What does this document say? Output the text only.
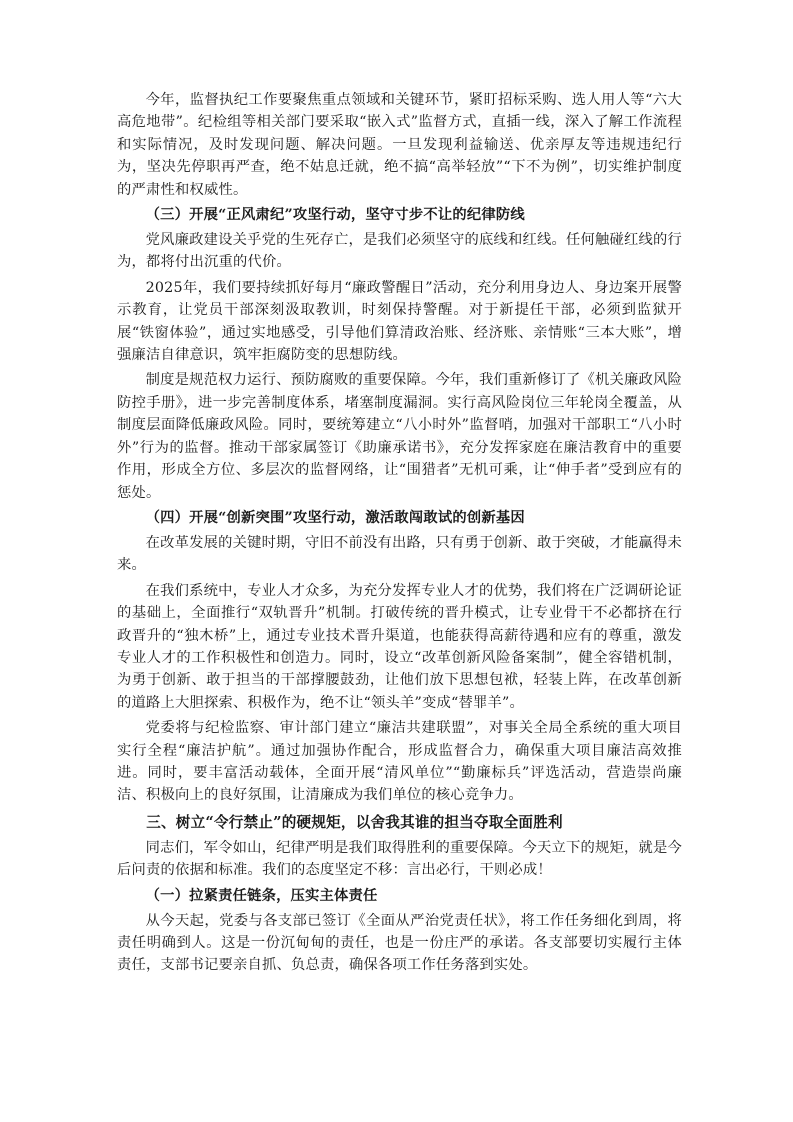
今年，监督执纪工作要聚焦重点领域和关键环节，紧盯招标采购、选人用人等“六大高危地带”。纪检组等相关部门要采取“嵌入式”监督方式，直插一线，深入了解工作流程和实际情况，及时发现问题、解决问题。一旦发现利益输送、优亲厚友等违规违纪行为，坚决先停职再严查，绝不姑息迁就，绝不搞“高举轻放”“下不为例”，切实维护制度的严肃性和权威性。

（三）开展“正风肃纪”攻坚行动，坚守寸步不让的纪律防线

党风廉政建设关乎党的生死存亡，是我们必须坚守的底线和红线。任何触碰红线的行为，都将付出沉重的代价。

2025年，我们要持续抓好每月“廉政警醒日”活动，充分利用身边人、身边案开展警示教育，让党员干部深刻汲取教训，时刻保持警醒。对于新提任干部，必须到监狱开展“铁窗体验”，通过实地感受，引导他们算清政治账、经济账、亲情账“三本大账”，增强廉洁自律意识，筑牢拒腐防变的思想防线。

制度是规范权力运行、预防腐败的重要保障。今年，我们重新修订了《机关廉政风险防控手册》，进一步完善制度体系，堵塞制度漏洞。实行高风险岗位三年轮岗全覆盖，从制度层面降低廉政风险。同时，要统筹建立“八小时外”监督哨，加强对干部职工“八小时外”行为的监督。推动干部家属签订《助廉承诺书》，充分发挥家庭在廉洁教育中的重要作用，形成全方位、多层次的监督网络，让“围猎者”无机可乘，让“伸手者”受到应有的惩处。

（四）开展“创新突围”攻坚行动，激活敢闯敢试的创新基因

在改革发展的关键时期，守旧不前没有出路，只有勇于创新、敢于突破，才能赢得未来。

在我们系统中，专业人才众多，为充分发挥专业人才的优势，我们将在广泛调研论证的基础上，全面推行“双轨晋升”机制。打破传统的晋升模式，让专业骨干不必都挤在行政晋升的“独木桥”上，通过专业技术晋升渠道，也能获得高薪待遇和应有的尊重，激发专业人才的工作积极性和创造力。同时，设立“改革创新风险备案制”，健全容错机制，为勇于创新、敢于担当的干部撑腰鼓劲，让他们放下思想包袱，轻装上阵，在改革创新的道路上大胆探索、积极作为，绝不让“领头羊”变成“替罪羊”。

党委将与纪检监察、审计部门建立“廉洁共建联盟”，对事关全局全系统的重大项目实行全程“廉洁护航”。通过加强协作配合，形成监督合力，确保重大项目廉洁高效推进。同时，要丰富活动载体，全面开展“清风单位”“勤廉标兵”评选活动，营造崇尚廉洁、积极向上的良好氛围，让清廉成为我们单位的核心竞争力。

三、树立“令行禁止”的硬规矩，以舍我其谁的担当夺取全面胜利

同志们，军令如山，纪律严明是我们取得胜利的重要保障。今天立下的规矩，就是今后问责的依据和标准。我们的态度坚定不移：言出必行，干则必成！

（一）拉紧责任链条，压实主体责任

从今天起，党委与各支部已签订《全面从严治党责任状》，将工作任务细化到周，将责任明确到人。这是一份沉甸甸的责任，也是一份庄严的承诺。各支部要切实履行主体责任，支部书记要亲自抓、负总责，确保各项工作任务落到实处。
